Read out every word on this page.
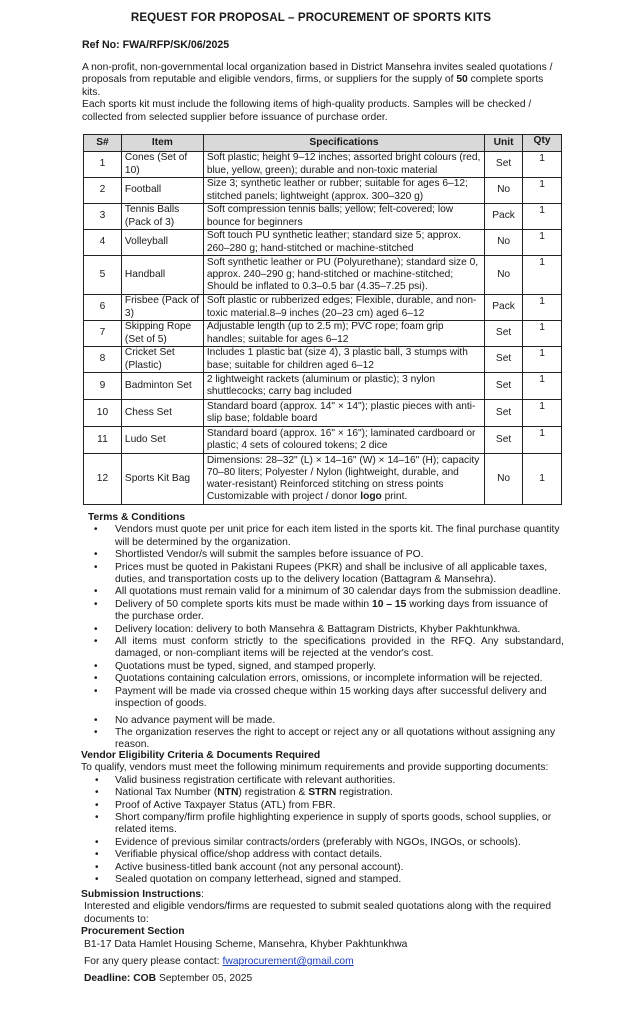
REQUEST FOR PROPOSAL – PROCUREMENT OF SPORTS KITS
Ref No: FWA/RFP/SK/06/2025

A non-profit, non-governmental local organization based in District Mansehra invites sealed quotations / proposals from reputable and eligible vendors, firms, or suppliers for the supply of 50 complete sports kits.

Each sports kit must include the following items of high-quality products. Samples will be checked / collected from selected supplier before issuance of purchase order.

S#	Item	Specifications	Unit	Qty
1	Cones (Set of 10)	Soft plastic; height 9–12 inches; assorted bright colours (red, blue, yellow, green); durable and non-toxic material	Set	1
2	Football	Size 3; synthetic leather or rubber; suitable for ages 6–12; stitched panels; lightweight (approx. 300–320 g)	No	1
3	Tennis Balls (Pack of 3)	Soft compression tennis balls; yellow; felt-covered; low bounce for beginners	Pack	1
4	Volleyball	Soft touch PU synthetic leather; standard size 5; approx. 260–280 g; hand-stitched or machine-stitched	No	1
5	Handball	Soft synthetic leather or PU (Polyurethane); standard size 0, approx. 240–290 g; hand-stitched or machine-stitched; Should be inflated to 0.3–0.5 bar (4.35–7.25 psi).	No	1
6	Frisbee (Pack of 3)	Soft plastic or rubberized edges; Flexible, durable, and non-toxic material.8–9 inches (20–23 cm) aged 6–12	Pack	1
7	Skipping Rope (Set of 5)	Adjustable length (up to 2.5 m); PVC rope; foam grip handles; suitable for ages 6–12	Set	1
8	Cricket Set (Plastic)	Includes 1 plastic bat (size 4), 3 plastic ball, 3 stumps with base; suitable for children aged 6–12	Set	1
9	Badminton Set	2 lightweight rackets (aluminum or plastic); 3 nylon shuttlecocks; carry bag included	Set	1
10	Chess Set	Standard board (approx. 14" × 14"); plastic pieces with anti-slip base; foldable board	Set	1
11	Ludo Set	Standard board (approx. 16" × 16"); laminated cardboard or plastic; 4 sets of coloured tokens; 2 dice	Set	1
12	Sports Kit Bag	Dimensions: 28–32" (L) × 14–16" (W) × 14–16" (H); capacity 70–80 liters; Polyester / Nylon (lightweight, durable, and water-resistant) Reinforced stitching on stress points Customizable with project / donor logo print.	No	1

Terms & Conditions

• Vendors must quote per unit price for each item listed in the sports kit. The final purchase quantity will be determined by the organization.
• Shortlisted Vendor/s will submit the samples before issuance of PO.
• Prices must be quoted in Pakistani Rupees (PKR) and shall be inclusive of all applicable taxes, duties, and transportation costs up to the delivery location (Battagram & Mansehra).
• All quotations must remain valid for a minimum of 30 calendar days from the submission deadline.
• Delivery of 50 complete sports kits must be made within 10 – 15 working days from issuance of the purchase order.
• Delivery location: delivery to both Mansehra & Battagram Districts, Khyber Pakhtunkhwa.
• All items must conform strictly to the specifications provided in the RFQ. Any substandard, damaged, or non-compliant items will be rejected at the vendor's cost.
• Quotations must be typed, signed, and stamped properly.
• Quotations containing calculation errors, omissions, or incomplete information will be rejected.
• Payment will be made via crossed cheque within 15 working days after successful delivery and inspection of goods.
• No advance payment will be made.
• The organization reserves the right to accept or reject any or all quotations without assigning any reason.

Vendor Eligibility Criteria & Documents Required

To qualify, vendors must meet the following minimum requirements and provide supporting documents:

• Valid business registration certificate with relevant authorities.
• National Tax Number (NTN) registration & STRN registration.
• Proof of Active Taxpayer Status (ATL) from FBR.
• Short company/firm profile highlighting experience in supply of sports goods, school supplies, or related items.
• Evidence of previous similar contracts/orders (preferably with NGOs, INGOs, or schools).
• Verifiable physical office/shop address with contact details.
• Active business-titled bank account (not any personal account).
• Sealed quotation on company letterhead, signed and stamped.

Submission Instructions:

Interested and eligible vendors/firms are requested to submit sealed quotations along with the required documents to:

Procurement Section

B1-17 Data Hamlet Housing Scheme, Mansehra, Khyber Pakhtunkhwa

For any query please contact: fwaprocurement@gmail.com

Deadline: COB September 05, 2025
